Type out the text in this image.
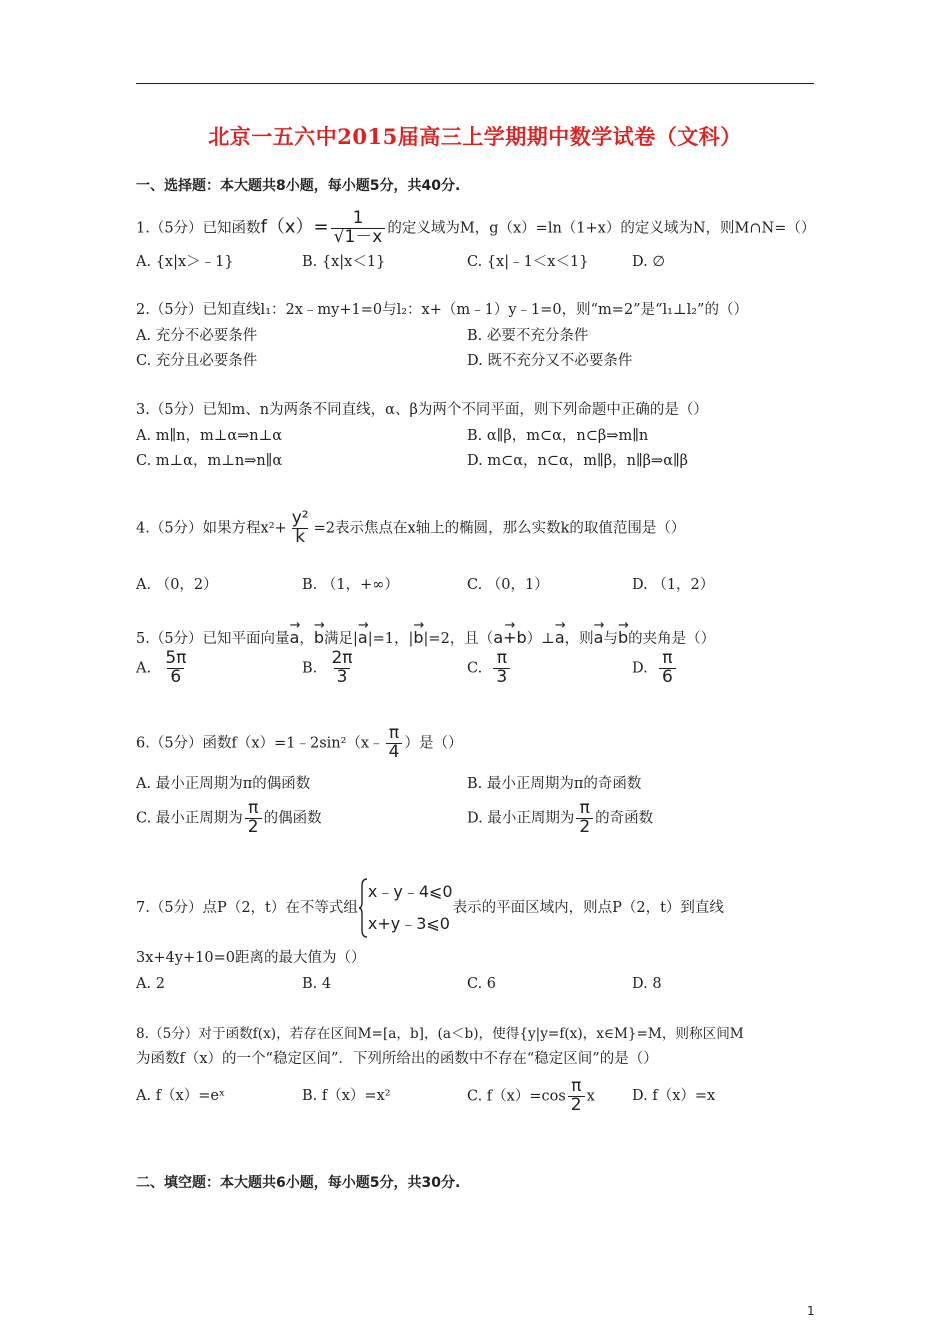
北京一五六中2015届高三上学期期中数学试卷（文科）
一、选择题：本大题共8小题，每小题5分，共40分.
1.（5分）已知函数$f(x)= \frac{1}{√1-x}$ 的定义域为M，g（x）=ln（1+x）的定义域为N，则M∩N=（）
A. {x|x＞﹣1}	B. {x|x＜1}	C. {x|﹣1＜x＜1}	D. ∅
2.（5分）已知直线l₁：2x﹣my+1=0与l₂：x+（m﹣1）y﹣1=0，则“m=2”是“l₁⊥l₂”的（）
A. 充分不必要条件	B. 必要不充分条件
C. 充分且必要条件	D. 既不充分又不必要条件
3.（5分）已知m、n为两条不同直线，α、β为两个不同平面，则下列命题中正确的是（）
A. m∥n，m⊥α⇒n⊥α	B. α∥β，m⊂α，n⊂β⇒m∥n
C. m⊥α，m⊥n⇒n∥α	D. m⊂α，n⊂α，m∥β，n∥β⇒α∥β
4.（5分）如果方程$x^2+ \frac{\text{y²}}{k} =2$表示焦点在x轴上的椭圆，那么实数k的取值范围是（）
A. （0，2）	B. （1，+∞）	C. （0，1）	D. （1，2）
5.（5分）已知平面向量→ a，→ b满足|→ a|=1，|→ b|=2，且（→ a+b）⊥→ a，则→ a与→ b的夹角是（）
A. $\frac{5\pi}{6}$	B. $\frac{2\pi}{3}$	C. $\frac{\pi}{3}$	D. $\frac{\pi}{6}$
6.（5分）函数f（x）=1﹣2sin²（x﹣ $\frac{\pi}{4}$ ）是（）
A. 最小正周期为π的偶函数	B. 最小正周期为π的奇函数
C. 最小正周期为 $\frac{\pi}{2}$ 的偶函数	D. 最小正周期为 $\frac{\pi}{2}$ 的奇函数
7.（5分）点P（2，t）在不等式组
x﹣y﹣4⩽0
x+y﹣3⩽0
表示的平面区域内，则点P（2，t）到直线
3x+4y+10=0距离的最大值为（）
A. 2	B. 4	C. 6	D. 8
8.（5分）对于函数f(x)，若存在区间M=[a，b]，(a＜b)，使得{y|y=f(x)，x∈M}=M，则称区间M
为函数f（x）的一个“稳定区间”．下列所给出的函数中不存在“稳定区间”的是（）
A. f（x）=eˣ	B. f（x）=x²	C. $f(x)=\cos \frac{\pi}{2}$ x	D. f（x）=x
二、填空题：本大题共6小题，每小题5分，共30分.
1
